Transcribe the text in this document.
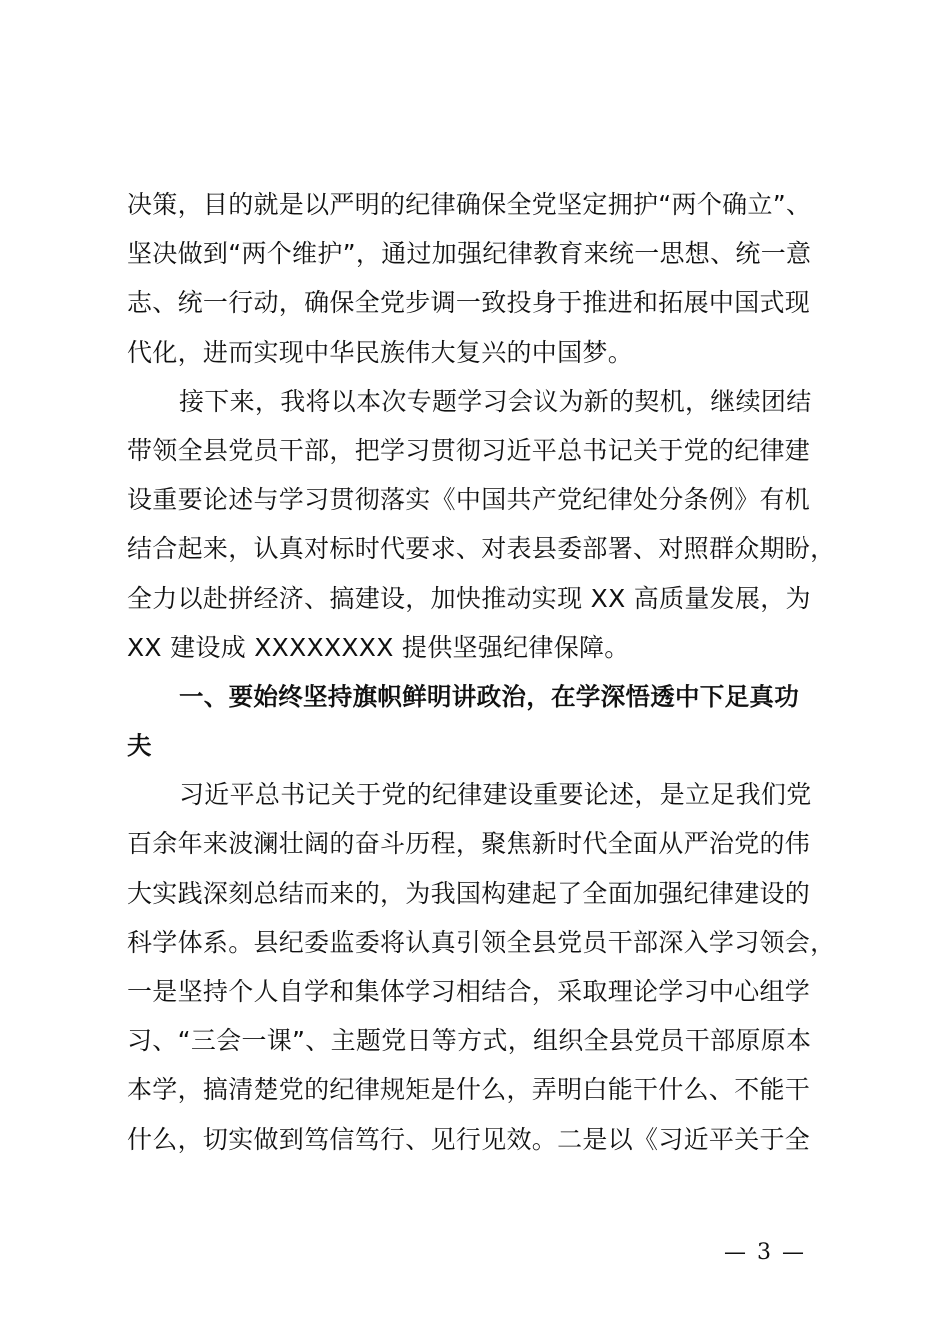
决策，目的就是以严明的纪律确保全党坚定拥护“两个确立”、
坚决做到“两个维护”，通过加强纪律教育来统一思想、统一意
志、统一行动，确保全党步调一致投身于推进和拓展中国式现
代化，进而实现中华民族伟大复兴的中国梦。
接下来，我将以本次专题学习会议为新的契机，继续团结
带领全县党员干部，把学习贯彻习近平总书记关于党的纪律建
设重要论述与学习贯彻落实《中国共产党纪律处分条例》有机
结合起来，认真对标时代要求、对表县委部署、对照群众期盼，
全力以赴拼经济、搞建设，加快推动实现 XX 高质量发展，为
XX 建设成 XXXXXXXX 提供坚强纪律保障。
一、要始终坚持旗帜鲜明讲政治，在学深悟透中下足真功
夫
习近平总书记关于党的纪律建设重要论述，是立足我们党
百余年来波澜壮阔的奋斗历程，聚焦新时代全面从严治党的伟
大实践深刻总结而来的，为我国构建起了全面加强纪律建设的
科学体系。县纪委监委将认真引领全县党员干部深入学习领会，
一是坚持个人自学和集体学习相结合，采取理论学习中心组学
习、“三会一课”、主题党日等方式，组织全县党员干部原原本
本学，搞清楚党的纪律规矩是什么，弄明白能干什么、不能干
什么，切实做到笃信笃行、见行见效。二是以《习近平关于全
— 3 —
